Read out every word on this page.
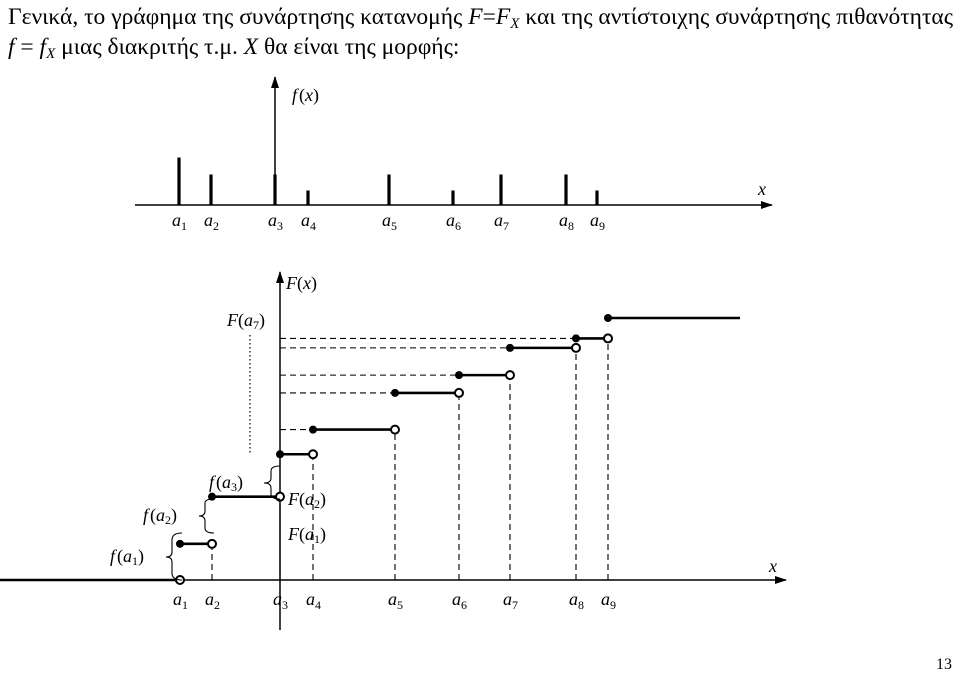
Γενικά, το γράφημα της συνάρτησης κατανομής $F=F_X$ και της αντίστοιχης συνάρτησης πιθανότητας $f = f_X$ μιας διακριτής τ.μ. X θα είναι της μορφής:

f (x)
x
$a_1$ $a_2$	$a_3$ $a_4$	$a_5$	$a_6$ $a_7$	$a_8$ $a_9$
F(x)
x
$a_1$ $a_2$	$a_3$ $a_4$	$a_5$	$a_6$ $a_7$	$a_8$ $a_9$
F(a7)
f (a3)
f (a2)
f (a1)
F(a2)
F(a1)
13
